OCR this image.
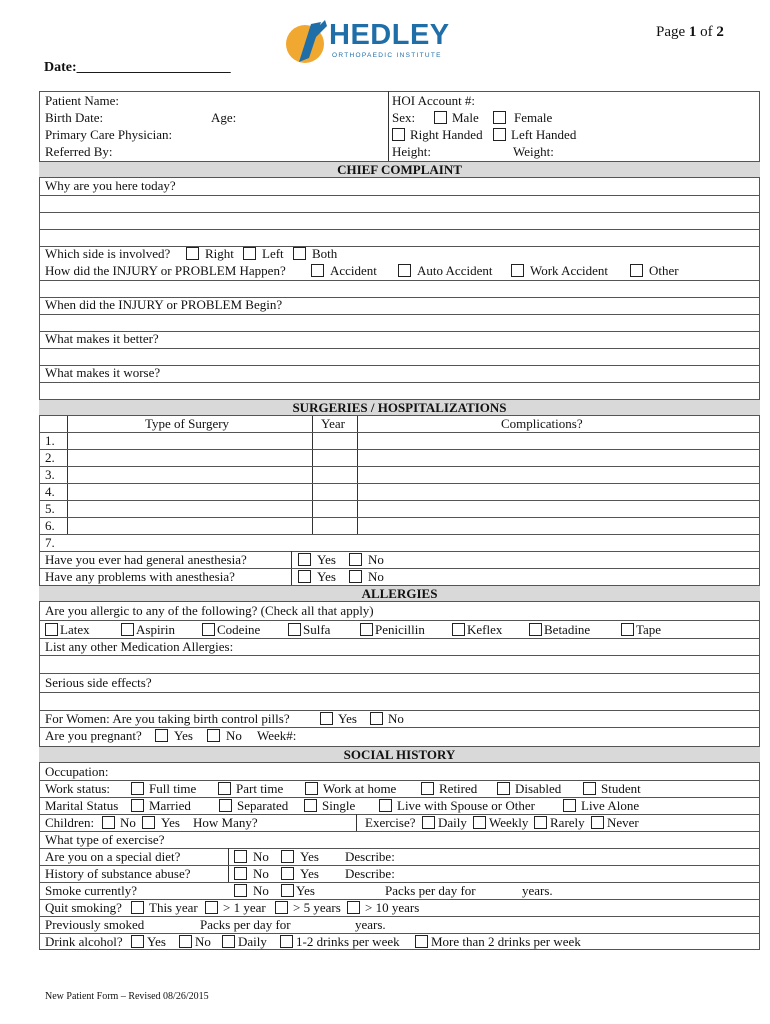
Page 1 of 2
HEDLEY
ORTHOPAEDIC INSTITUTE
Date:______________________
Patient Name:
Birth Date:	Age:
Primary Care Physician:
Referred By:
HOI Account #:
Sex:	Male	Female
Right Handed Left Handed
Height:	Weight:
CHIEF COMPLAINT
Why are you here today?
Which side is involved?	Right Left Both
How did the INJURY or PROBLEM Happen?	Accident	Auto Accident	Work Accident	Other
When did the INJURY or PROBLEM Begin?
What makes it better?
What makes it worse?
SURGERIES / HOSPITALIZATIONS
Type of Surgery	Year	Complications?
1.
2.
3.
4.
5.
6.
7.
Have you ever had general anesthesia?	Yes No
Have any problems with anesthesia?	Yes No
ALLERGIES
Are you allergic to any of the following? (Check all that apply)
Latex	Aspirin	Codeine	Sulfa	Penicillin	Keflex	Betadine	Tape
List any other Medication Allergies:
Serious side effects?
For Women: Are you taking birth control pills?	Yes No
Are you pregnant? Yes	No Week#:
SOCIAL HISTORY
Occupation:
Work status:	Full time	Part time	Work at home	Retired	Disabled	Student
Marital Status Married	Separated	Single	Live with Spouse or Other	Live Alone
Children: No Yes How Many?	Exercise? Daily Weekly Rarely Never
What type of exercise?
Are you on a special diet?	No Yes Describe:
History of substance abuse?	No Yes Describe:
Smoke currently?	No Yes	Packs per day for	years.
Quit smoking? This year > 1 year > 5 years > 10 years
Previously smoked	Packs per day for	years.
Drink alcohol? Yes No Daily 1-2 drinks per week More than 2 drinks per week
New Patient Form – Revised 08/26/2015
